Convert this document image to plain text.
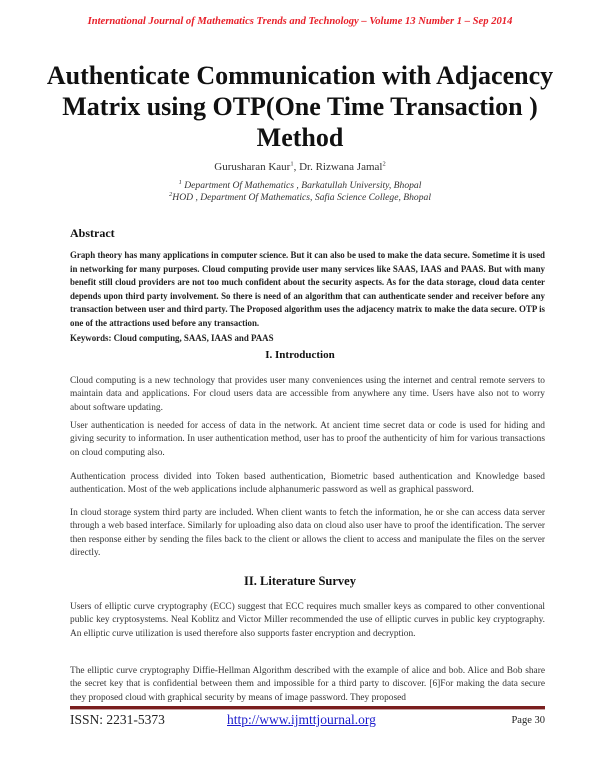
International Journal of Mathematics Trends and Technology – Volume 13 Number 1 – Sep 2014
Authenticate Communication with Adjacency Matrix using OTP(One Time Transaction ) Method
Gurusharan Kaur$^1$, Dr. Rizwana Jamal$^2$
$^1$ Department Of Mathematics , Barkatullah University, Bhopal
$^2$HOD , Department Of Mathematics, Safia Science College, Bhopal
Abstract
Graph theory has many applications in computer science. But it can also be used to make the data secure. Sometime it is used in networking for many purposes. Cloud computing provide user many services like SAAS, IAAS and PAAS. But with many benefit still cloud providers are not too much confident about the security aspects. As for the data storage, cloud data center depends upon third party involvement. So there is need of an algorithm that can authenticate sender and receiver before any transaction between user and third party. The Proposed algorithm uses the adjacency matrix to make the data secure. OTP is one of the attractions used before any transaction.
Keywords: Cloud computing, SAAS, IAAS and PAAS
I. Introduction
Cloud computing is a new technology that provides user many conveniences using the internet and central remote servers to maintain data and applications. For cloud users data are accessible from anywhere any time. Users have also not to worry about software updating.
User authentication is needed for access of data in the network. At ancient time secret data or code is used for hiding and giving security to information. In user authentication method, user has to proof the authenticity of him for various transactions on cloud computing also.
Authentication process divided into Token based authentication, Biometric based authentication and Knowledge based authentication. Most of the web applications include alphanumeric password as well as graphical password.
In cloud storage system third party are included. When client wants to fetch the information, he or she can access data server through a web based interface. Similarly for uploading also data on cloud also user have to proof the identification. The server then response either by sending the files back to the client or allows the client to access and manipulate the files on the server directly.
II. Literature Survey
Users of elliptic curve cryptography (ECC) suggest that ECC requires much smaller keys as compared to other conventional public key cryptosystems. Neal Koblitz and Victor Miller recommended the use of elliptic curves in public key cryptography. An elliptic curve utilization is used therefore also supports faster encryption and decryption.
The elliptic curve cryptography Diffie-Hellman Algorithm described with the example of alice and bob. Alice and Bob share the secret key that is confidential between them and impossible for a third party to discover. [6]For making the data secure they proposed cloud with graphical security by means of image password. They proposed
ISSN: 2231-5373	http://www.ijmttjournal.org	Page 30
